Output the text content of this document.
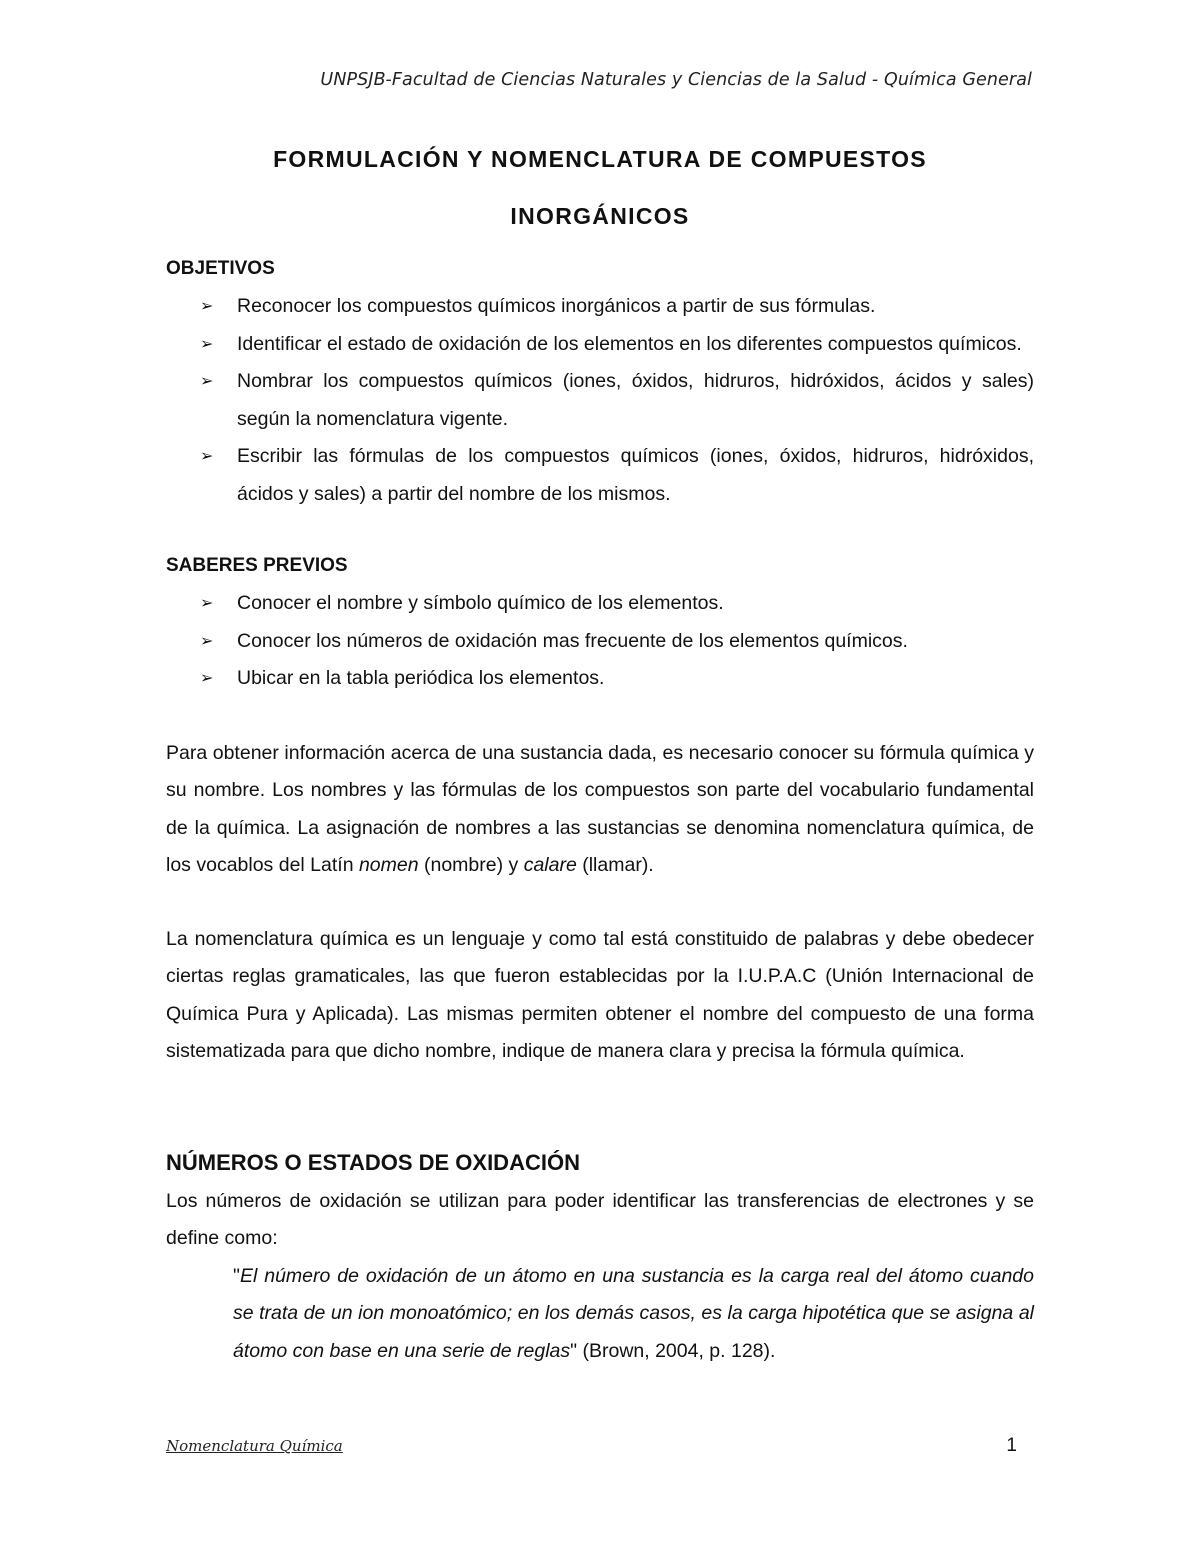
UNPSJB-Facultad de Ciencias Naturales y Ciencias de la Salud - Química General
FORMULACIÓN Y NOMENCLATURA DE COMPUESTOS
INORGÁNICOS
OBJETIVOS
➢ Reconocer los compuestos químicos inorgánicos a partir de sus fórmulas.
➢ Identificar el estado de oxidación de los elementos en los diferentes compuestos químicos.
➢ Nombrar los compuestos químicos (iones, óxidos, hidruros, hidróxidos, ácidos y sales) según la nomenclatura vigente.
➢ Escribir las fórmulas de los compuestos químicos (iones, óxidos, hidruros, hidróxidos, ácidos y sales) a partir del nombre de los mismos.
SABERES PREVIOS
➢ Conocer el nombre y símbolo químico de los elementos.
➢ Conocer los números de oxidación mas frecuente de los elementos químicos.
➢ Ubicar en la tabla periódica los elementos.

Para obtener información acerca de una sustancia dada, es necesario conocer su fórmula química y su nombre. Los nombres y las fórmulas de los compuestos son parte del vocabulario fundamental de la química. La asignación de nombres a las sustancias se denomina nomenclatura química, de los vocablos del Latín nomen (nombre) y calare (llamar).

La nomenclatura química es un lenguaje y como tal está constituido de palabras y debe obedecer ciertas reglas gramaticales, las que fueron establecidas por la I.U.P.A.C (Unión Internacional de Química Pura y Aplicada). Las mismas permiten obtener el nombre del compuesto de una forma sistematizada para que dicho nombre, indique de manera clara y precisa la fórmula química.

NÚMEROS O ESTADOS DE OXIDACIÓN

Los números de oxidación se utilizan para poder identificar las transferencias de electrones y se define como:

"El número de oxidación de un átomo en una sustancia es la carga real del átomo cuando se trata de un ion monoatómico; en los demás casos, es la carga hipotética que se asigna al átomo con base en una serie de reglas" (Brown, 2004, p. 128).

Nomenclatura Química	1
